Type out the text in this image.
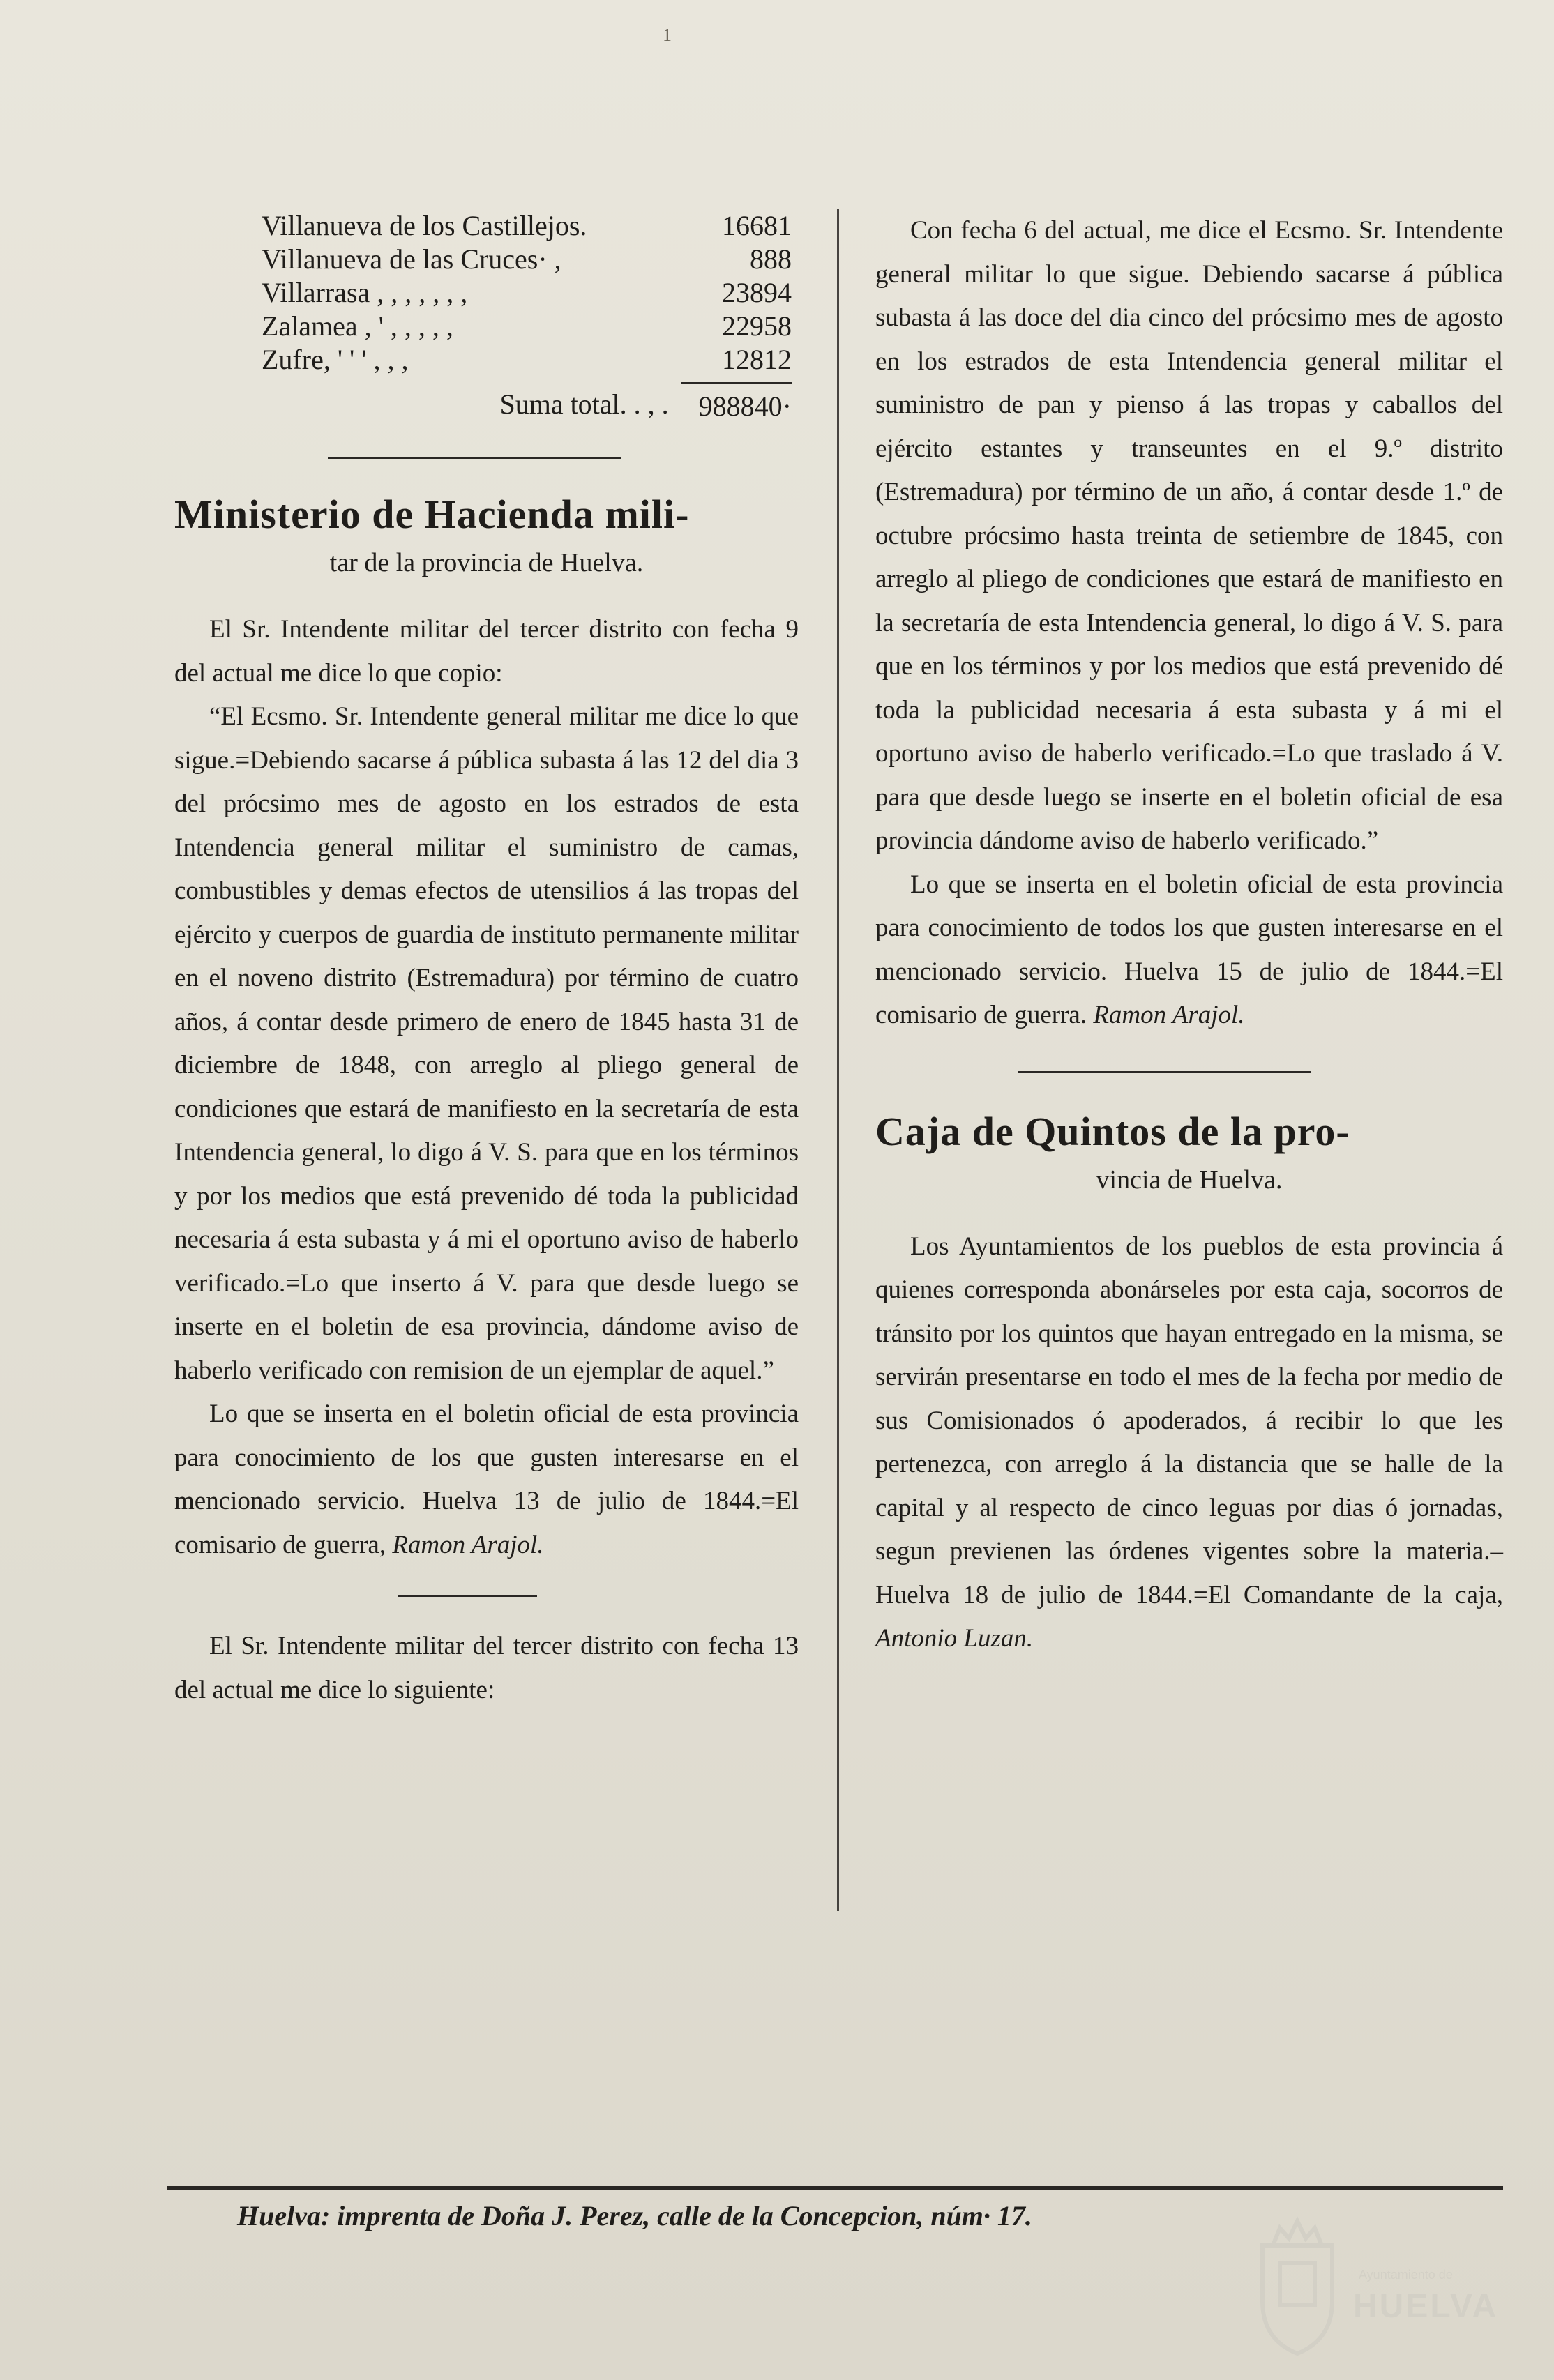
1
Villanueva de los Castillejos.	16681
Villanueva de las Cruces· ,	888
Villarrasa , , , , , , ,	23894
Zalamea , ' , , , , ,	22958
Zufre, ' ' ' , , ,	12812
Suma total. . , .	988840·
Ministerio de Hacienda mili-
tar de la provincia de Huelva.

El Sr. Intendente militar del tercer distrito con fecha 9 del actual me dice lo que copio:

“El Ecsmo. Sr. Intendente general militar me dice lo que sigue.=Debiendo sacarse á pública subasta á las 12 del dia 3 del prócsimo mes de agosto en los estrados de esta Intendencia general militar el suministro de camas, combustibles y demas efectos de utensilios á las tropas del ejército y cuerpos de guardia de instituto permanente militar en el noveno distrito (Estremadura) por término de cuatro años, á contar desde primero de enero de 1845 hasta 31 de diciembre de 1848, con arreglo al pliego general de condiciones que estará de manifiesto en la secretaría de esta Intendencia general, lo digo á V. S. para que en los términos y por los medios que está prevenido dé toda la publicidad necesaria á esta subasta y á mi el oportuno aviso de haberlo verificado.=Lo que inserto á V. para que desde luego se inserte en el boletin de esa provincia, dándome aviso de haberlo verificado con remision de un ejemplar de aquel.”

Lo que se inserta en el boletin oficial de esta provincia para conocimiento de los que gusten interesarse en el mencionado servicio. Huelva 13 de julio de 1844.=El comisario de guerra, Ramon Arajol.

El Sr. Intendente militar del tercer distrito con fecha 13 del actual me dice lo siguiente:

Con fecha 6 del actual, me dice el Ecsmo. Sr. Intendente general militar lo que sigue. Debiendo sacarse á pública subasta á las doce del dia cinco del prócsimo mes de agosto en los estrados de esta Intendencia general militar el suministro de pan y pienso á las tropas y caballos del ejército estantes y transeuntes en el 9.º distrito (Estremadura) por término de un año, á contar desde 1.º de octubre prócsimo hasta treinta de setiembre de 1845, con arreglo al pliego de condiciones que estará de manifiesto en la secretaría de esta Intendencia general, lo digo á V. S. para que en los términos y por los medios que está prevenido dé toda la publicidad necesaria á esta subasta y á mi el oportuno aviso de haberlo verificado.=Lo que traslado á V. para que desde luego se inserte en el boletin oficial de esa provincia dándome aviso de haberlo verificado.”

Lo que se inserta en el boletin oficial de esta provincia para conocimiento de todos los que gusten interesarse en el mencionado servicio. Huelva 15 de julio de 1844.=El comisario de guerra. Ramon Arajol.

Caja de Quintos de la pro-
vincia de Huelva.

Los Ayuntamientos de los pueblos de esta provincia á quienes corresponda abonárseles por esta caja, socorros de tránsito por los quintos que hayan entregado en la misma, se servirán presentarse en todo el mes de la fecha por medio de sus Comisionados ó apoderados, á recibir lo que les pertenezca, con arreglo á la distancia que se halle de la capital y al respecto de cinco leguas por dias ó jornadas, segun previenen las órdenes vigentes sobre la materia.–Huelva 18 de julio de 1844.=El Comandante de la caja, Antonio Luzan.

Huelva: imprenta de Doña J. Perez, calle de la Concepcion, núm· 17.
Ayuntamiento de
HUELVA
